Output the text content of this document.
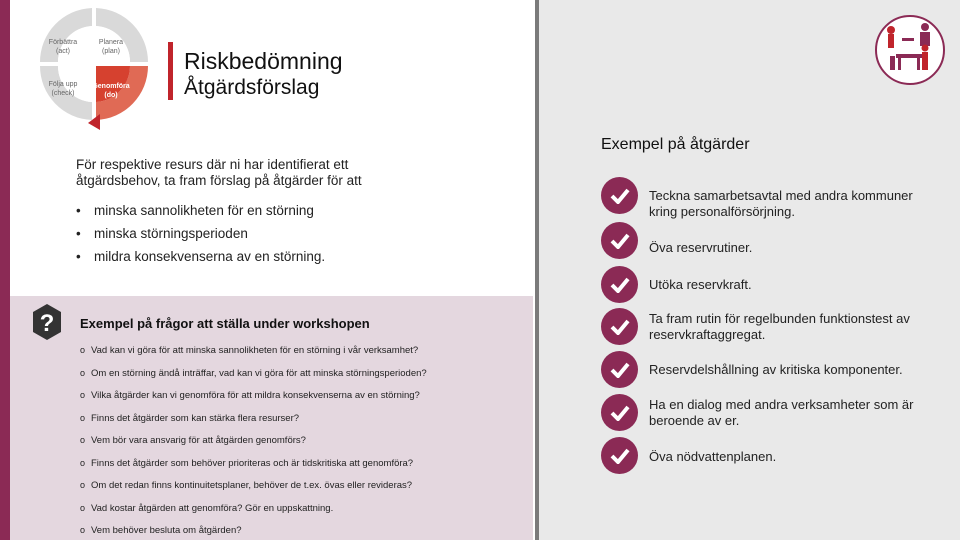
Förbättra
(act)
Planera
(plan)
Följa upp
(check)
Genomföra
(do)
Riskbedömning
Åtgärdsförslag
För respektive resurs där ni har identifierat ett åtgärdsbehov, ta fram förslag på åtgärder för att
• minska sannolikheten för en störning
• minska störningsperioden
• mildra konsekvenserna av en störning.
? Exempel på frågor att ställa under workshopen
o Vad kan vi göra för att minska sannolikheten för en störning i vår verksamhet?
o Om en störning ändå inträffar, vad kan vi göra för att minska störningsperioden?
o Vilka åtgärder kan vi genomföra för att mildra konsekvenserna av en störning?
o Finns det åtgärder som kan stärka flera resurser?
o Vem bör vara ansvarig för att åtgärden genomförs?
o Finns det åtgärder som behöver prioriteras och är tidskritiska att genomföra?
o Om det redan finns kontinuitetsplaner, behöver de t.ex. övas eller revideras?
o Vad kostar åtgärden att genomföra? Gör en uppskattning.
o Vem behöver besluta om åtgärden?
Exempel på åtgärder
Teckna samarbetsavtal med andra kommuner kring personalförsörjning.
Öva reservrutiner.
Utöka reservkraft.
Ta fram rutin för regelbunden funktionstest av reservkraftaggregat.
Reservdelshållning av kritiska komponenter.
Ha en dialog med andra verksamheter som är beroende av er.
Öva nödvattenplanen.
